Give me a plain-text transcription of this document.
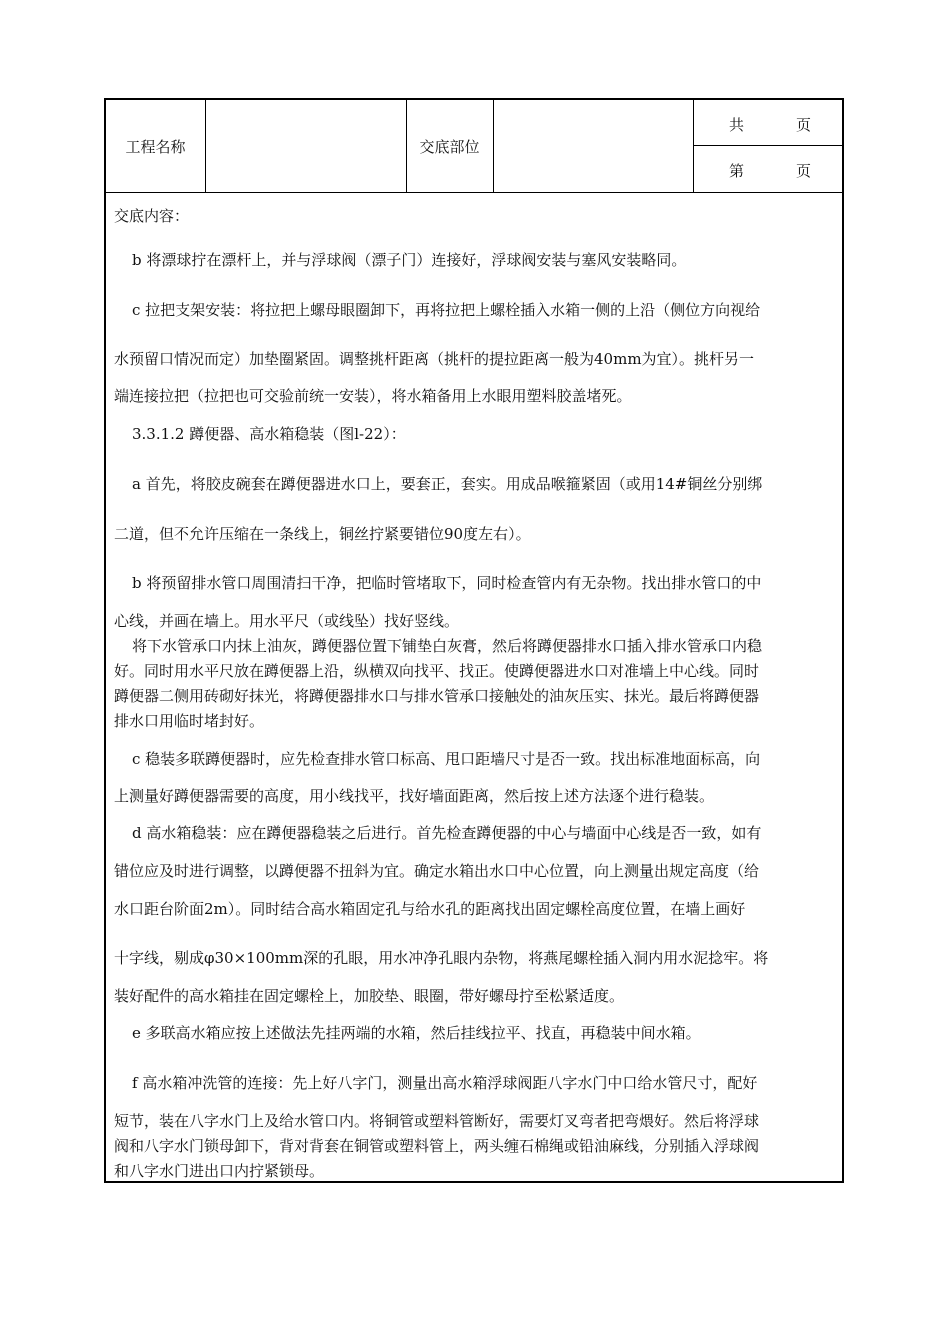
工程名称	交底部位
共	页
第	页
交底内容：
b 将漂球拧在漂杆上，并与浮球阀（漂子门）连接好，浮球阀安装与塞风安装略同。
c 拉把支架安装：将拉把上螺母眼圈卸下，再将拉把上螺栓插入水箱一侧的上沿（侧位方向视给
水预留口情况而定）加垫圈紧固。调整挑杆距离（挑杆的提拉距离一般为40mm为宜）。挑杆另一
端连接拉把（拉把也可交验前统一安装），将水箱备用上水眼用塑料胶盖堵死。
3.3.1.2 蹲便器、高水箱稳装（图l-22）：
a 首先，将胶皮碗套在蹲便器进水口上，要套正，套实。用成品喉箍紧固（或用14#铜丝分别绑
二道，但不允许压缩在一条线上，铜丝拧紧要错位90度左右）。
b 将预留排水管口周围清扫干净，把临时管堵取下，同时检查管内有无杂物。找出排水管口的中
心线，并画在墙上。用水平尺（或线坠）找好竖线。
将下水管承口内抹上油灰，蹲便器位置下铺垫白灰膏，然后将蹲便器排水口插入排水管承口内稳
好。同时用水平尺放在蹲便器上沿，纵横双向找平、找正。使蹲便器进水口对准墙上中心线。同时
蹲便器二侧用砖砌好抹光，将蹲便器排水口与排水管承口接触处的油灰压实、抹光。最后将蹲便器
排水口用临时堵封好。
c 稳装多联蹲便器时，应先检查排水管口标高、甩口距墙尺寸是否一致。找出标准地面标高，向
上测量好蹲便器需要的高度，用小线找平，找好墙面距离，然后按上述方法逐个进行稳装。
d 高水箱稳装：应在蹲便器稳装之后进行。首先检查蹲便器的中心与墙面中心线是否一致，如有
错位应及时进行调整，以蹲便器不扭斜为宜。确定水箱出水口中心位置，向上测量出规定高度（给
水口距台阶面2m）。同时结合高水箱固定孔与给水孔的距离找出固定螺栓高度位置，在墙上画好
十字线，剔成φ30×100mm深的孔眼，用水冲净孔眼内杂物，将燕尾螺栓插入洞内用水泥捻牢。将
装好配件的高水箱挂在固定螺栓上，加胶垫、眼圈，带好螺母拧至松紧适度。
e 多联高水箱应按上述做法先挂两端的水箱，然后挂线拉平、找直，再稳装中间水箱。
f 高水箱冲洗管的连接：先上好八字门，测量出高水箱浮球阀距八字水门中口给水管尺寸，配好
短节，装在八字水门上及给水管口内。将铜管或塑料管断好，需要灯叉弯者把弯煨好。然后将浮球
阀和八字水门锁母卸下，背对背套在铜管或塑料管上，两头缠石棉绳或铅油麻线，分别插入浮球阀
和八字水门进出口内拧紧锁母。
